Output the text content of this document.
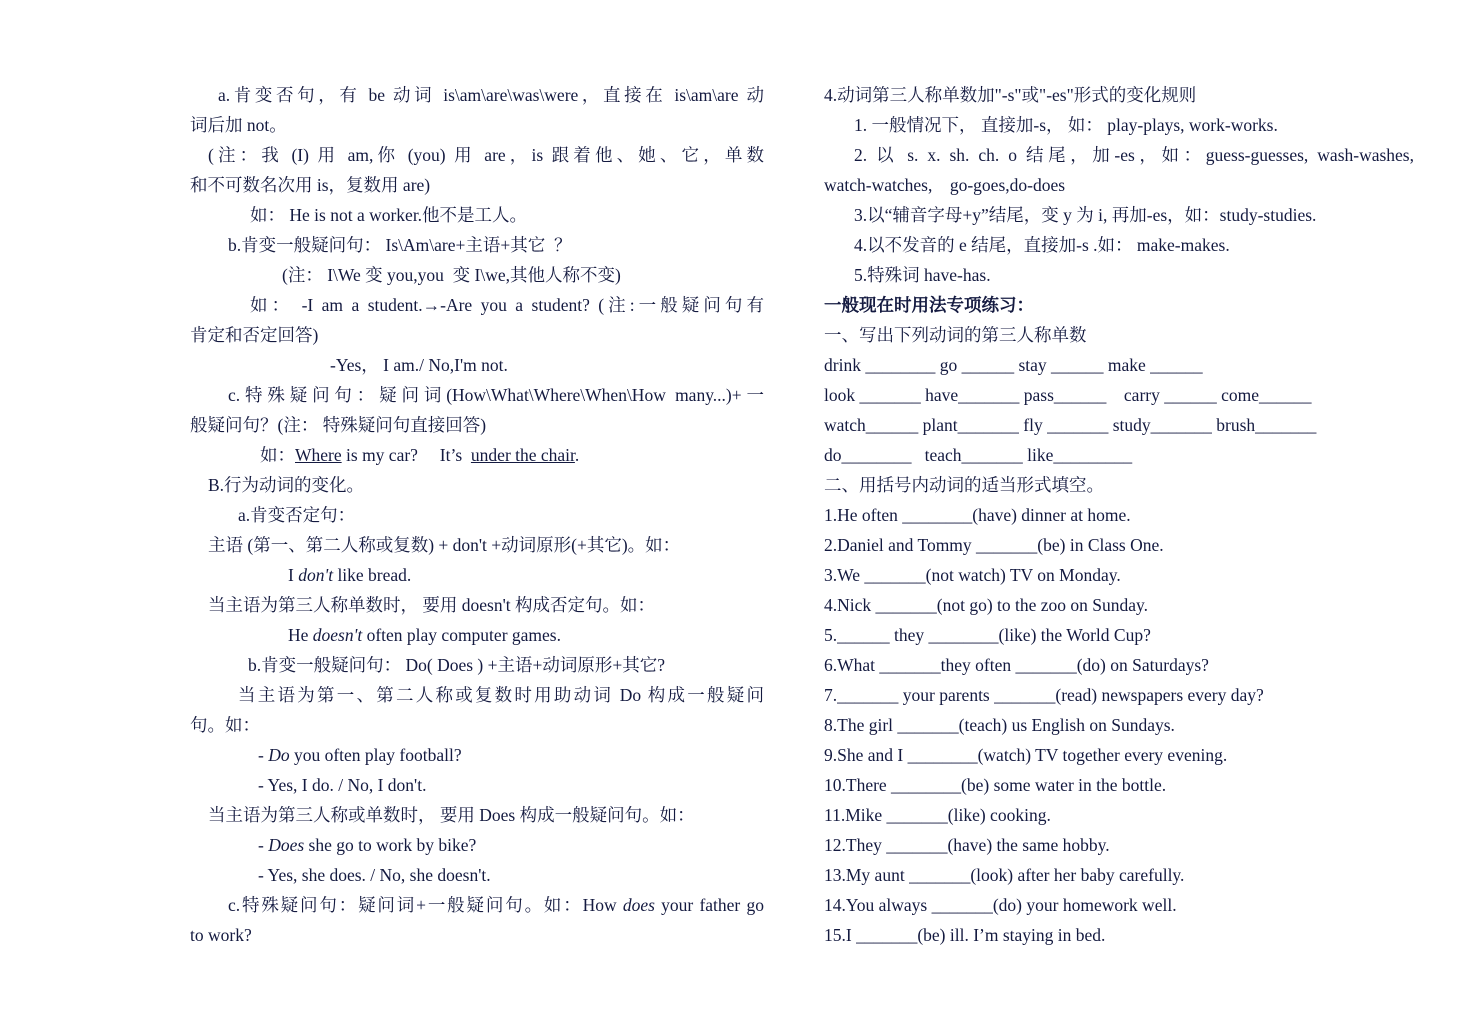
a.肯变否句，有 be 动词 is\am\are\was\were，直接在 is\am\are 动
词后加 not。
(注：我 (I) 用 am,你 (you) 用 are，is 跟着他、她、它，单数
和不可数名次用 is，复数用 are)
如： He is not a worker.他不是工人。
b.肯变一般疑问句： Is\Am\are+主语+其它  ？
(注： I\We 变 you,you  变 I\we,其他人称不变)
如： -I am a student.→-Are you a student? (注:一般疑问句有
肯定和否定回答)
-Yes， I am./ No,I'm not.
c.特殊疑问句：疑问词(How\What\Where\When\How many...)+一
般疑问句？(注： 特殊疑问句直接回答)
如：Where is my car?     It’s  under the chair.
B.行为动词的变化。
a.肯变否定句：
主语 (第一、第二人称或复数) + don't +动词原形(+其它)。如：
I don't like bread.
当主语为第三人称单数时， 要用 doesn't 构成否定句。如：
He doesn't often play computer games.
b.肯变一般疑问句： Do( Does ) +主语+动词原形+其它?
当主语为第一、第二人称或复数时用助动词 Do 构成一般疑问
句。如：
- Do you often play football?
- Yes, I do. / No, I don't.
当主语为第三人称或单数时， 要用 Does 构成一般疑问句。如：
- Does she go to work by bike?
- Yes, she does. / No, she doesn't.
c.特殊疑问句：疑问词+一般疑问句。如：How does your father go
to work?
4.动词第三人称单数加"-s"或"-es"形式的变化规则
1. 一般情况下， 直接加-s， 如： play-plays, work-works.
2. 以 s. x. sh. ch. o 结尾，加-es，如：guess-guesses, wash-washes,
watch-watches,    go-goes,do-does
3.以“辅音字母+y”结尾，变 y 为 i, 再加-es，如：study-studies.
4.以不发音的 e 结尾，直接加-s .如： make-makes.
5.特殊词 have-has.
一般现在时用法专项练习：
一、写出下列动词的第三人称单数
drink ________ go ______ stay ______ make ______
look _______ have_______ pass______    carry ______ come______
watch______ plant_______ fly _______ study_______ brush_______
do________   teach_______ like_________
二、用括号内动词的适当形式填空。
1.He often ________(have) dinner at home.
2.Daniel and Tommy _______(be) in Class One.
3.We _______(not watch) TV on Monday.
4.Nick _______(not go) to the zoo on Sunday.
5.______ they ________(like) the World Cup?
6.What _______they often _______(do) on Saturdays?
7._______ your parents _______(read) newspapers every day?
8.The girl _______(teach) us English on Sundays.
9.She and I ________(watch) TV together every evening.
10.There ________(be) some water in the bottle.
11.Mike _______(like) cooking.
12.They _______(have) the same hobby.
13.My aunt _______(look) after her baby carefully.
14.You always _______(do) your homework well.
15.I _______(be) ill. I’m staying in bed.
